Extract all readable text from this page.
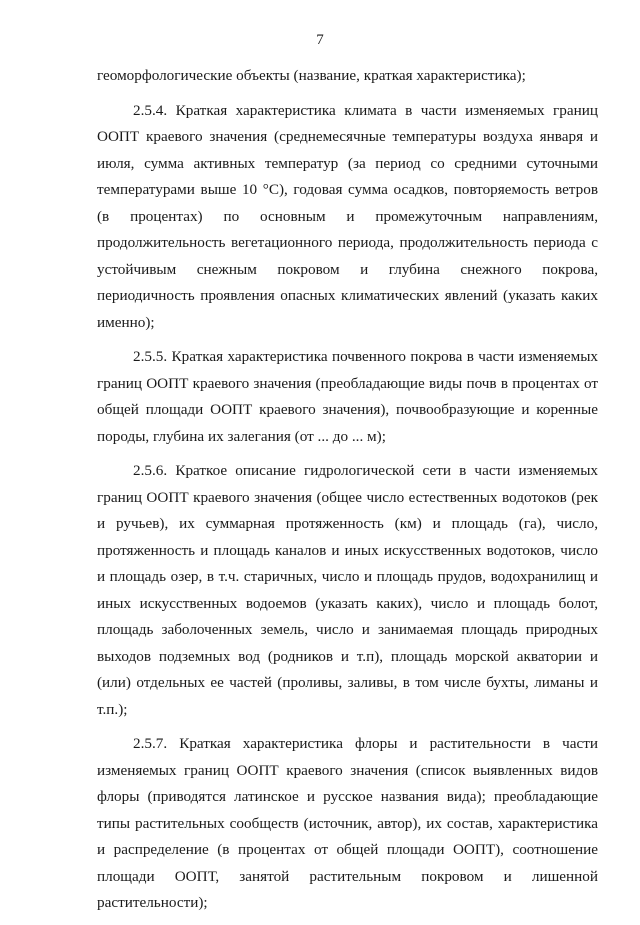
7

геоморфологические объекты (название, краткая характеристика);

2.5.4. Краткая характеристика климата в части изменяемых границ ООПТ краевого значения (среднемесячные температуры воздуха января и июля, сумма активных температур (за период со средними суточными температурами выше 10 °С), годовая сумма осадков, повторяемость ветров (в процентах) по основным и промежуточным направлениям, продолжительность вегетационного периода, продолжительность периода с устойчивым снежным покровом и глубина снежного покрова, периодичность проявления опасных климатических явлений (указать каких именно);

2.5.5. Краткая характеристика почвенного покрова в части изменяемых границ ООПТ краевого значения (преобладающие виды почв в процентах от общей площади ООПТ краевого значения), почвообразующие и коренные породы, глубина их залегания (от ... до ... м);

2.5.6. Краткое описание гидрологической сети в части изменяемых границ ООПТ краевого значения (общее число естественных водотоков (рек и ручьев), их суммарная протяженность (км) и площадь (га), число, протяженность и площадь каналов и иных искусственных водотоков, число и площадь озер, в т.ч. старичных, число и площадь прудов, водохранилищ и иных искусственных водоемов (указать каких), число и площадь болот, площадь заболоченных земель, число и занимаемая площадь природных выходов подземных вод (родников и т.п), площадь морской акватории и (или) отдельных ее частей (проливы, заливы, в том числе бухты, лиманы и т.п.);

2.5.7. Краткая характеристика флоры и растительности в части изменяемых границ ООПТ краевого значения (список выявленных видов флоры (приводятся латинское и русское названия вида); преобладающие типы растительных сообществ (источник, автор), их состав, характеристика и распределение (в процентах от общей площади ООПТ), соотношение площади ООПТ, занятой растительным покровом и лишенной растительности);
